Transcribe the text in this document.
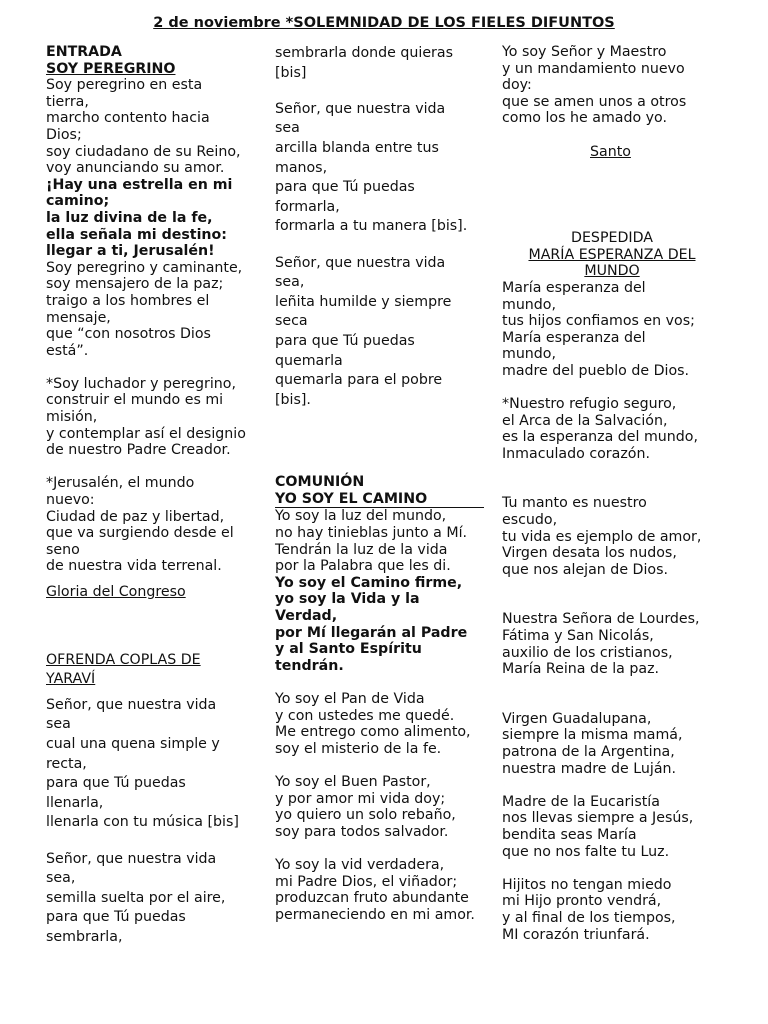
2 de noviembre *SOLEMNIDAD DE LOS FIELES DIFUNTOS
ENTRADA
SOY PEREGRINO
Soy peregrino en esta
tierra,
marcho contento hacia
Dios;
soy ciudadano de su Reino,
voy anunciando su amor.
¡Hay una estrella en mi
camino;
la luz divina de la fe,
ella señala mi destino:
llegar a ti, Jerusalén!
Soy peregrino y caminante,
soy mensajero de la paz;
traigo a los hombres el
mensaje,
que “con nosotros Dios
está”.
*Soy luchador y peregrino,
construir el mundo es mi
misión,
y contemplar así el designio
de nuestro Padre Creador.
*Jerusalén, el mundo
nuevo:
Ciudad de paz y libertad,
que va surgiendo desde el
seno
de nuestra vida terrenal.
Gloria del Congreso
OFRENDA COPLAS DE
YARAVÍ
Señor, que nuestra vida
sea
cual una quena simple y
recta,
para que Tú puedas
llenarla,
llenarla con tu música [bis]
Señor, que nuestra vida
sea,
semilla suelta por el aire,
para que Tú puedas
sembrarla,
sembrarla donde quieras
[bis]
Señor, que nuestra vida
sea
arcilla blanda entre tus
manos,
para que Tú puedas
formarla,
formarla a tu manera [bis].
Señor, que nuestra vida
sea,
leñita humilde y siempre
seca
para que Tú puedas
quemarla
quemarla para el pobre
[bis].
COMUNIÓN
YO SOY EL CAMINO
Yo soy la luz del mundo,
no hay tinieblas junto a Mí.
Tendrán la luz de la vida
por la Palabra que les di.
Yo soy el Camino firme,
yo soy la Vida y la
Verdad,
por Mí llegarán al Padre
y al Santo Espíritu
tendrán.
Yo soy el Pan de Vida
y con ustedes me quedé.
Me entrego como alimento,
soy el misterio de la fe.
Yo soy el Buen Pastor,
y por amor mi vida doy;
yo quiero un solo rebaño,
soy para todos salvador.
Yo soy la vid verdadera,
mi Padre Dios, el viñador;
produzcan fruto abundante
permaneciendo en mi amor.
Yo soy Señor y Maestro
y un mandamiento nuevo
doy:
que se amen unos a otros
como los he amado yo.
Santo
DESPEDIDA
MARÍA ESPERANZA DEL
MUNDO
María esperanza del
mundo,
tus hijos confiamos en vos;
María esperanza del
mundo,
madre del pueblo de Dios.
*Nuestro refugio seguro,
el Arca de la Salvación,
es la esperanza del mundo,
Inmaculado corazón.
Tu manto es nuestro
escudo,
tu vida es ejemplo de amor,
Virgen desata los nudos,
que nos alejan de Dios.
Nuestra Señora de Lourdes,
Fátima y San Nicolás,
auxilio de los cristianos,
María Reina de la paz.
Virgen Guadalupana,
siempre la misma mamá,
patrona de la Argentina,
nuestra madre de Luján.
Madre de la Eucaristía
nos llevas siempre a Jesús,
bendita seas María
que no nos falte tu Luz.
Hijitos no tengan miedo
mi Hijo pronto vendrá,
y al final de los tiempos,
MI corazón triunfará.
